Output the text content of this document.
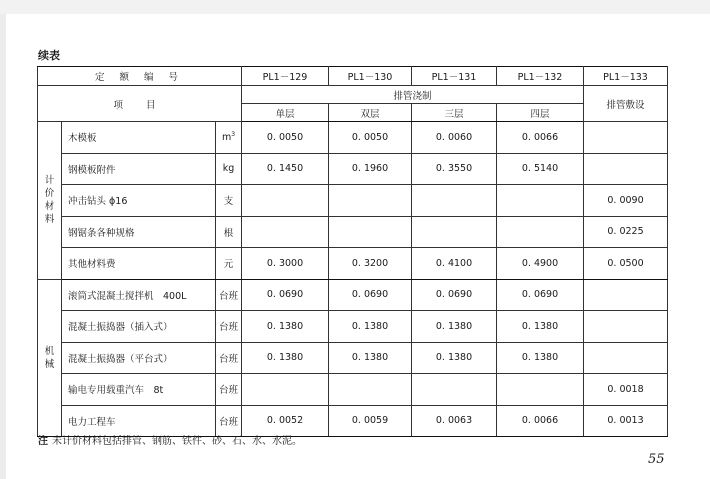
续表
定 额 编 号			PL1－129	PL1－130	PL1－131	PL1－132	PL1－133
项 目			排管浇制				排管敷设
			单层	双层	三层	四层	

计
价
材
料	木模板	$m^3$	0. 0050	0. 0050	0. 0060	0. 0066	
	钢模板附件	kg	0. 1450	0. 1960	0. 3550	0. 5140	
	冲击钻头 ϕ16	支					0. 0090
	钢锯条各种规格	根					0. 0225
	其他材料费	元	0. 3000	0. 3200	0. 4100	0. 4900	0. 0500

机
械	滚筒式混凝土搅拌机　400L	台班	0. 0690	0. 0690	0. 0690	0. 0690	
	混凝土振捣器（插入式）	台班	0. 1380	0. 1380	0. 1380	0. 1380	
	混凝土振捣器（平台式）	台班	0. 1380	0. 1380	0. 1380	0. 1380	
	输电专用载重汽车　8t	台班					0. 0018
	电力工程车	台班	0. 0052	0. 0059	0. 0063	0. 0066	0. 0013
注 未计价材料包括排管、钢筋、铁件、砂、石、水、水泥。
55
